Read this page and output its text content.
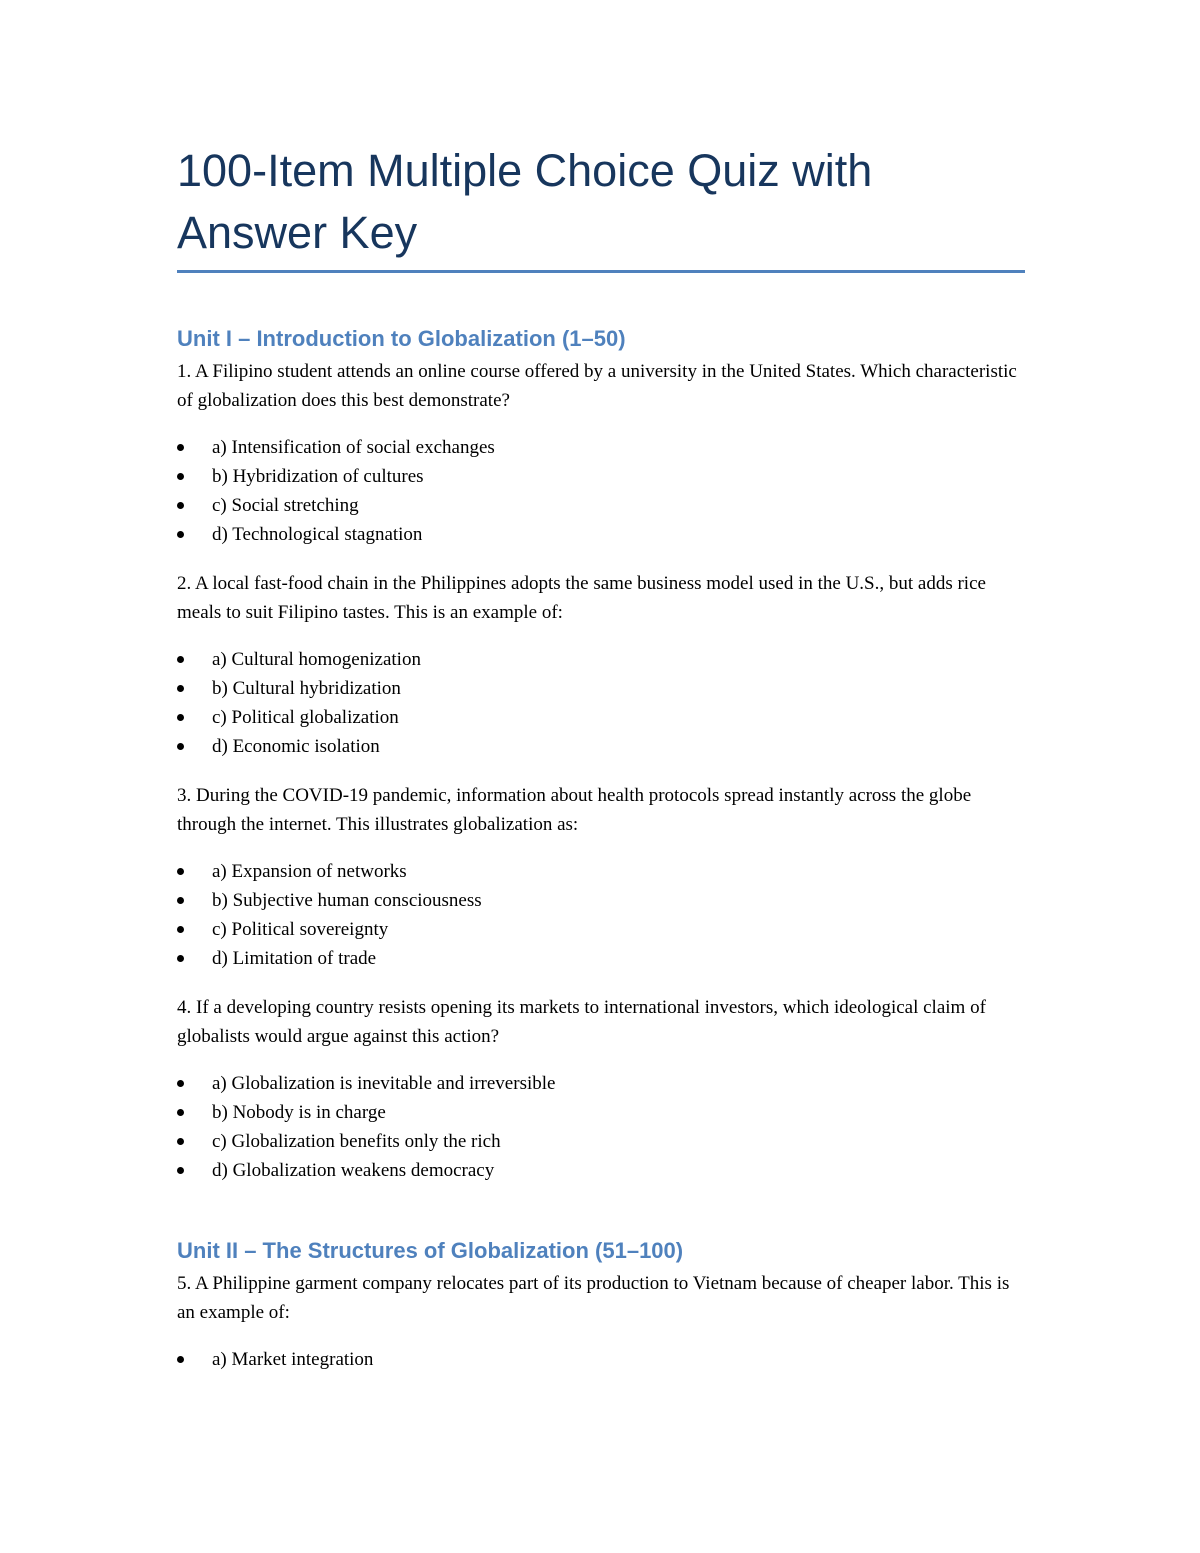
100-Item Multiple Choice Quiz with Answer Key
Unit I – Introduction to Globalization (1–50)

1. A Filipino student attends an online course offered by a university in the United States. Which characteristic of globalization does this best demonstrate?

a) Intensification of social exchanges
b) Hybridization of cultures
c) Social stretching
d) Technological stagnation

2. A local fast-food chain in the Philippines adopts the same business model used in the U.S., but adds rice meals to suit Filipino tastes. This is an example of:

a) Cultural homogenization
b) Cultural hybridization
c) Political globalization
d) Economic isolation

3. During the COVID-19 pandemic, information about health protocols spread instantly across the globe through the internet. This illustrates globalization as:

a) Expansion of networks
b) Subjective human consciousness
c) Political sovereignty
d) Limitation of trade

4. If a developing country resists opening its markets to international investors, which ideological claim of globalists would argue against this action?

a) Globalization is inevitable and irreversible
b) Nobody is in charge
c) Globalization benefits only the rich
d) Globalization weakens democracy
Unit II – The Structures of Globalization (51–100)

5. A Philippine garment company relocates part of its production to Vietnam because of cheaper labor. This is an example of:

a) Market integration
